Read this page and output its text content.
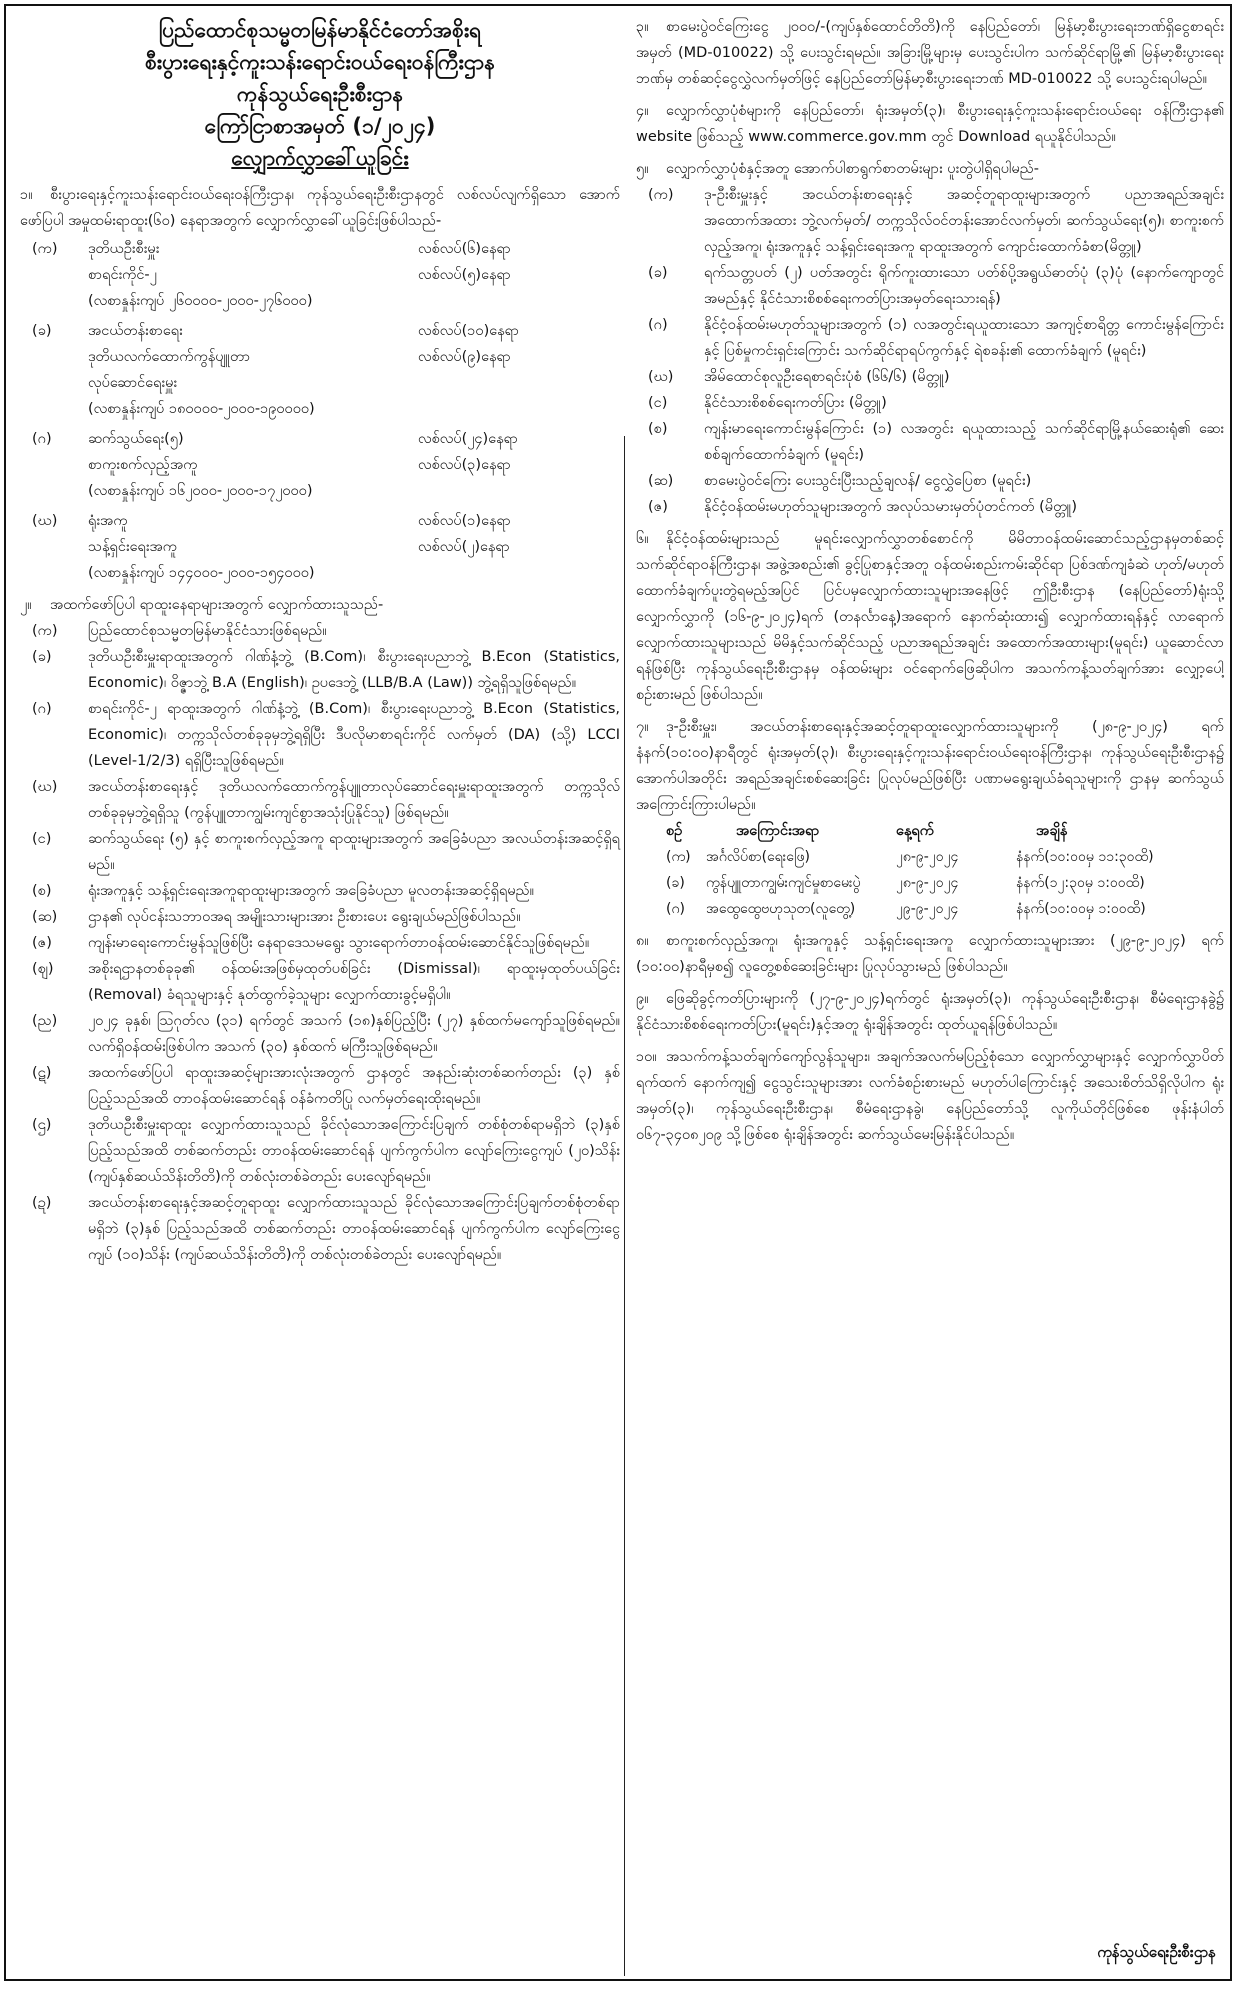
ပြည်ထောင်စုသမ္မတမြန်မာနိုင်ငံတော်အစိုးရ
စီးပွားရေးနှင့်ကူးသန်းရောင်းဝယ်ရေးဝန်ကြီးဌာန
ကုန်သွယ်ရေးဦးစီးဌာန
ကြော်ငြာစာအမှတ် (၁/၂၀၂၄)
လျှောက်လွှာခေါ်ယူခြင်း
၁။ စီးပွားရေးနှင့်ကူးသန်းရောင်းဝယ်ရေးဝန်ကြီးဌာန၊ ကုန်သွယ်ရေးဦးစီးဌာနတွင် လစ်လပ်လျက်ရှိသော အောက်ဖော်ပြပါ အမှုထမ်းရာထူး(၆၀) နေရာအတွက် လျှောက်လွှာခေါ်ယူခြင်းဖြစ်ပါသည်-
(က)	ဒုတိယဦးစီးမှူး	လစ်လပ်(၆)နေရာ
စာရင်းကိုင်-၂	လစ်လပ်(၅)နေရာ
(လစာနှုန်းကျပ် ၂၆၀၀၀၀-၂၀၀၀-၂၇၆၀၀၀)
(ခ)	အငယ်တန်းစာရေး	လစ်လပ်(၁၀)နေရာ
ဒုတိယလက်ထောက်ကွန်ပျူတာ	လစ်လပ်(၉)နေရာ
လုပ်ဆောင်ရေးမှူး
(လစာနှုန်းကျပ် ၁၈၀၀၀၀-၂၀၀၀-၁၉၀၀၀၀)
(ဂ)	ဆက်သွယ်ရေး(၅)	လစ်လပ်(၂၄)နေရာ
စာကူးစက်လှည့်အကူ	လစ်လပ်(၃)နေရာ
(လစာနှုန်းကျပ် ၁၆၂၀၀၀-၂၀၀၀-၁၇၂၀၀၀)
(ဃ)	ရုံးအကူ	လစ်လပ်(၁)နေရာ
သန့်ရှင်းရေးအကူ	လစ်လပ်(၂)နေရာ
(လစာနှုန်းကျပ် ၁၄၄၀၀၀-၂၀၀၀-၁၅၄၀၀၀)
၂။ အထက်ဖော်ပြပါ ရာထူးနေရာများအတွက် လျှောက်ထားသူသည်-
(က)	ပြည်ထောင်စုသမ္မတမြန်မာနိုင်ငံသားဖြစ်ရမည်။
(ခ)	ဒုတိယဦးစီးမှူးရာထူးအတွက် ဂါဏ်နံ့ဘွဲ့ (B.Com)၊ စီးပွားရေးပညာဘွဲ့ B.Econ (Statistics, Economic)၊ ဝိဇ္ဇာဘွဲ့ B.A (English)၊ ဥပဒေဘွဲ့ (LLB/B.A (Law)) ဘွဲ့ရရှိသူဖြစ်ရမည်။
(ဂ)	စာရင်းကိုင်-၂ ရာထူးအတွက် ဂါဏ်နံ့ဘွဲ့ (B.Com)၊ စီးပွားရေးပညာဘွဲ့ B.Econ (Statistics, Economic)၊ တက္ကသိုလ်တစ်ခုခုမှဘွဲ့ရရှိပြီး ဒီပလိုမာစာရင်းကိုင် လက်မှတ် (DA) (သို့) LCCI (Level-1/2/3) ရရှိပြီးသူဖြစ်ရမည်။
(ဃ)	အငယ်တန်းစာရေးနှင့် ဒုတိယလက်ထောက်ကွန်ပျူတာလုပ်ဆောင်ရေးမှူးရာထူးအတွက် တက္ကသိုလ်တစ်ခုခုမှဘွဲ့ရရှိသူ (ကွန်ပျူတာကျွမ်းကျင်စွာအသုံးပြုနိုင်သူ) ဖြစ်ရမည်။
(င)	ဆက်သွယ်ရေး (၅) နှင့် စာကူးစက်လှည့်အကူ ရာထူးများအတွက် အခြေခံပညာ အလယ်တန်းအဆင့်ရှိရမည်။
(စ)	ရုံးအကူနှင့် သန့်ရှင်းရေးအကူရာထူးများအတွက် အခြေခံပညာ မူလတန်းအဆင့်ရှိရမည်။
(ဆ)	ဌာန၏ လုပ်ငန်းသဘာဝအရ အမျိုးသားများအား ဦးစားပေး ရွေးချယ်မည်ဖြစ်ပါသည်။
(ဇ)	ကျန်းမာရေးကောင်းမွန်သူဖြစ်ပြီး နေရာဒေသမရွေး သွားရောက်တာဝန်ထမ်းဆောင်နိုင်သူဖြစ်ရမည်။
(ဈ)	အစိုးရဌာနတစ်ခုခု၏ ဝန်ထမ်းအဖြစ်မှထုတ်ပစ်ခြင်း (Dismissal)၊ ရာထူးမှထုတ်ပယ်ခြင်း (Removal) ခံရသူများနှင့် နုတ်ထွက်ခဲ့သူများ လျှောက်ထားခွင့်မရှိပါ။
(ည)	၂၀၂၄ ခုနှစ်၊ ဩဂုတ်လ (၃၁) ရက်တွင် အသက် (၁၈)နှစ်ပြည့်ပြီး (၂၇) နှစ်ထက်မကျော်သူဖြစ်ရမည်။ လက်ရှိဝန်ထမ်းဖြစ်ပါက အသက် (၃၀) နှစ်ထက် မကြီးသူဖြစ်ရမည်။
(ဋ)	အထက်ဖော်ပြပါ ရာထူးအဆင့်များအားလုံးအတွက် ဌာနတွင် အနည်းဆုံးတစ်ဆက်တည်း (၃) နှစ်ပြည့်သည်အထိ တာဝန်ထမ်းဆောင်ရန် ဝန်ခံကတိပြု လက်မှတ်ရေးထိုးရမည်။
(ဌ)	ဒုတိယဦးစီးမှူးရာထူး လျှောက်ထားသူသည် ခိုင်လုံသောအကြောင်းပြချက် တစ်စုံတစ်ရာမရှိဘဲ (၃)နှစ်ပြည့်သည်အထိ တစ်ဆက်တည်း တာဝန်ထမ်းဆောင်ရန် ပျက်ကွက်ပါက လျော်ကြေးငွေကျပ် (၂၀)သိန်း (ကျပ်နှစ်ဆယ်သိန်းတိတိ)ကို တစ်လုံးတစ်ခဲတည်း ပေးလျော်ရမည်။
(ဍ)	အငယ်တန်းစာရေးနှင့်အဆင့်တူရာထူး လျှောက်ထားသူသည် ခိုင်လုံသောအကြောင်းပြချက်တစ်စုံတစ်ရာမရှိဘဲ (၃)နှစ် ပြည့်သည်အထိ တစ်ဆက်တည်း တာဝန်ထမ်းဆောင်ရန် ပျက်ကွက်ပါက လျော်ကြေးငွေကျပ် (၁၀)သိန်း (ကျပ်ဆယ်သိန်းတိတိ)ကို တစ်လုံးတစ်ခဲတည်း ပေးလျော်ရမည်။
၃။ စာမေးပွဲဝင်ကြေးငွေ ၂၀၀၀/-(ကျပ်နှစ်ထောင်တိတိ)ကို နေပြည်တော်၊ မြန်မာ့စီးပွားရေးဘဏ်ရှိငွေစာရင်းအမှတ် (MD-010022) သို့ ပေးသွင်းရမည်။ အခြားမြို့များမှ ပေးသွင်းပါက သက်ဆိုင်ရာမြို့၏ မြန်မာ့စီးပွားရေးဘဏ်မှ တစ်ဆင့်ငွေလွှဲလက်မှတ်ဖြင့် နေပြည်တော်မြန်မာ့စီးပွားရေးဘဏ် MD-010022 သို့ ပေးသွင်းရပါမည်။
၄။ လျှောက်လွှာပုံစံများကို နေပြည်တော်၊ ရုံးအမှတ်(၃)၊ စီးပွားရေးနှင့်ကူးသန်းရောင်းဝယ်ရေး ဝန်ကြီးဌာန၏ website ဖြစ်သည့် www.commerce.gov.mm တွင် Download ရယူနိုင်ပါသည်။
၅။ လျှောက်လွှာပုံစံနှင့်အတူ အောက်ပါစာရွက်စာတမ်းများ ပူးတွဲပါရှိရပါမည်-
(က)	ဒု-ဦးစီးမှူးနှင့် အငယ်တန်းစာရေးနှင့် အဆင့်တူရာထူးများအတွက် ပညာအရည်အချင်း အထောက်အထား ဘွဲ့လက်မှတ်/ တက္ကသိုလ်ဝင်တန်းအောင်လက်မှတ်၊ ဆက်သွယ်ရေး(၅)၊ စာကူးစက်လှည့်အကူ၊ ရုံးအကူနှင့် သန့်ရှင်းရေးအကူ ရာထူးအတွက် ကျောင်းထောက်ခံစာ(မိတ္တူ)
(ခ)	ရက်သတ္တပတ် (၂) ပတ်အတွင်း ရိုက်ကူးထားသော ပတ်စ်ပို့အရွယ်ဓာတ်ပုံ (၃)ပုံ (နောက်ကျောတွင် အမည်နှင့် နိုင်ငံသားစိစစ်ရေးကတ်ပြားအမှတ်ရေးသားရန်)
(ဂ)	နိုင်ငံ့ဝန်ထမ်းမဟုတ်သူများအတွက် (၁) လအတွင်းရယူထားသော အကျင့်စာရိတ္တ ကောင်းမွန်ကြောင်းနှင့် ပြစ်မှုကင်းရှင်းကြောင်း သက်ဆိုင်ရာရပ်ကွက်နှင့် ရဲစခန်း၏ ထောက်ခံချက် (မူရင်း)
(ဃ)	အိမ်ထောင်စုလူဦးရေစာရင်းပုံစံ (၆၆/၆) (မိတ္တူ)
(င)	နိုင်ငံသားစိစစ်ရေးကတ်ပြား (မိတ္တူ)
(စ)	ကျန်းမာရေးကောင်းမွန်ကြောင်း (၁) လအတွင်း ရယူထားသည့် သက်ဆိုင်ရာမြို့နယ်ဆေးရုံ၏ ဆေးစစ်ချက်ထောက်ခံချက် (မူရင်း)
(ဆ)	စာမေးပွဲဝင်ကြေး ပေးသွင်းပြီးသည့်ချလန်/ ငွေလွှဲပြေစာ (မူရင်း)
(ဇ)	နိုင်ငံ့ဝန်ထမ်းမဟုတ်သူများအတွက် အလုပ်သမားမှတ်ပုံတင်ကတ် (မိတ္တူ)
၆။ နိုင်ငံ့ဝန်ထမ်းများသည် မူရင်းလျှောက်လွှာတစ်စောင်ကို မိမိတာဝန်ထမ်းဆောင်သည့်ဌာနမှတစ်ဆင့် သက်ဆိုင်ရာဝန်ကြီးဌာန၊ အဖွဲ့အစည်း၏ ခွင့်ပြုစာနှင့်အတူ ဝန်ထမ်းစည်းကမ်းဆိုင်ရာ ပြစ်ဒဏ်ကျခံဆဲ ဟုတ်/မဟုတ် ထောက်ခံချက်ပူးတွဲရမည့်အပြင် ပြင်ပမှလျှောက်ထားသူများအနေဖြင့် ဤဦးစီးဌာန (နေပြည်တော်)ရုံးသို့ လျှောက်လွှာကို (၁၆-၉-၂၀၂၄)ရက် (တနင်္လာနေ့)အရောက် နောက်ဆုံးထား၍ လျှောက်ထားရန်နှင့် လာရောက်လျှောက်ထားသူများသည် မိမိနှင့်သက်ဆိုင်သည့် ပညာအရည်အချင်း အထောက်အထားများ(မူရင်း) ယူဆောင်လာရန်ဖြစ်ပြီး ကုန်သွယ်ရေးဦးစီးဌာနမှ ဝန်ထမ်းများ ဝင်ရောက်ဖြေဆိုပါက အသက်ကန့်သတ်ချက်အား လျှော့ပေါ့စဉ်းစားမည် ဖြစ်ပါသည်။
၇။ ဒု-ဦးစီးမှူး၊ အငယ်တန်းစာရေးနှင့်အဆင့်တူရာထူးလျှောက်ထားသူများကို (၂၈-၉-၂၀၂၄) ရက် နံနက်(၁၀:၀၀)နာရီတွင် ရုံးအမှတ်(၃)၊ စီးပွားရေးနှင့်ကူးသန်းရောင်းဝယ်ရေးဝန်ကြီးဌာန၊ ကုန်သွယ်ရေးဦးစီးဌာန၌ အောက်ပါအတိုင်း အရည်အချင်းစစ်ဆေးခြင်း ပြုလုပ်မည်ဖြစ်ပြီး ပဏာမရွေးချယ်ခံရသူများကို ဌာနမှ ဆက်သွယ်အကြောင်းကြားပါမည်။
စဉ်	အကြောင်းအရာ	နေ့ရက်	အချိန်
(က)	အင်္ဂလိပ်စာ(ရေးဖြေ)	၂၈-၉-၂၀၂၄	နံနက်(၁၀:၀၀မှ ၁၁:၃၀ထိ)
(ခ)	ကွန်ပျူတာကျွမ်းကျင်မှုစာမေးပွဲ	၂၈-၉-၂၀၂၄	နံနက်(၁၂:၃၀မှ ၁:၀၀ထိ)
(ဂ)	အထွေထွေဗဟုသုတ(လူတွေ့)	၂၉-၉-၂၀၂၄	နံနက်(၁၀:၀၀မှ ၁:၀၀ထိ)
၈။ စာကူးစက်လှည့်အကူ၊ ရုံးအကူနှင့် သန့်ရှင်းရေးအကူ လျှောက်ထားသူများအား (၂၉-၉-၂၀၂၄) ရက် (၁၀:၀၀)နာရီမှစ၍ လူတွေ့စစ်ဆေးခြင်းများ ပြုလုပ်သွားမည် ဖြစ်ပါသည်။
၉။ ဖြေဆိုခွင့်ကတ်ပြားများကို (၂၇-၉-၂၀၂၄)ရက်တွင် ရုံးအမှတ်(၃)၊ ကုန်သွယ်ရေးဦးစီးဌာန၊ စီမံရေးဌာနခွဲ၌ နိုင်ငံသားစိစစ်ရေးကတ်ပြား(မူရင်း)နှင့်အတူ ရုံးချိန်အတွင်း ထုတ်ယူရန်ဖြစ်ပါသည်။
၁၀။ အသက်ကန့်သတ်ချက်ကျော်လွန်သူများ၊ အချက်အလက်မပြည့်စုံသော လျှောက်လွှာများနှင့် လျှောက်လွှာပိတ်ရက်ထက် နောက်ကျ၍ ငွေသွင်းသူများအား လက်ခံစဉ်းစားမည် မဟုတ်ပါကြောင်းနှင့် အသေးစိတ်သိရှိလိုပါက ရုံးအမှတ်(၃)၊ ကုန်သွယ်ရေးဦးစီးဌာန၊ စီမံရေးဌာနခွဲ၊ နေပြည်တော်သို့ လူကိုယ်တိုင်ဖြစ်စေ ဖုန်းနံပါတ် ၀၆၇-၃၄၀၈၂၀၉ သို့ဖြစ်စေ ရုံးချိန်အတွင်း ဆက်သွယ်မေးမြန်းနိုင်ပါသည်။
ကုန်သွယ်ရေးဦးစီးဌာန
